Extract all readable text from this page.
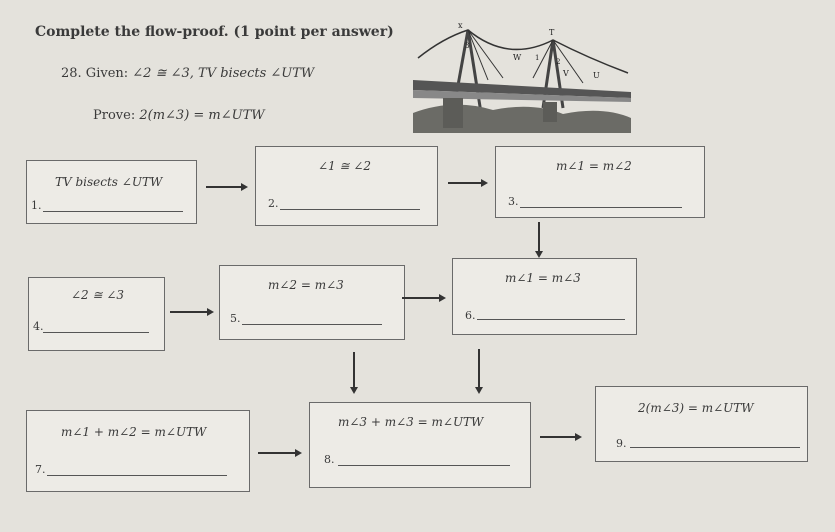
Complete the flow-proof. (1 point per answer)
28. Given: ∠2 ≅ ∠3, TV bisects ∠UTW
Prove: 2(m∠3) = m∠UTW
x
T
3
W 1 2
V	U
TV bisects ∠UTW
1.
∠1 ≅ ∠2
2.
m∠1 = m∠2
3.
∠2 ≅ ∠3
4.
m∠2 = m∠3
5.
m∠1 = m∠3
6.
m∠1 + m∠2 = m∠UTW
7.
m∠3 + m∠3 = m∠UTW
8.
2(m∠3) = m∠UTW
9.
